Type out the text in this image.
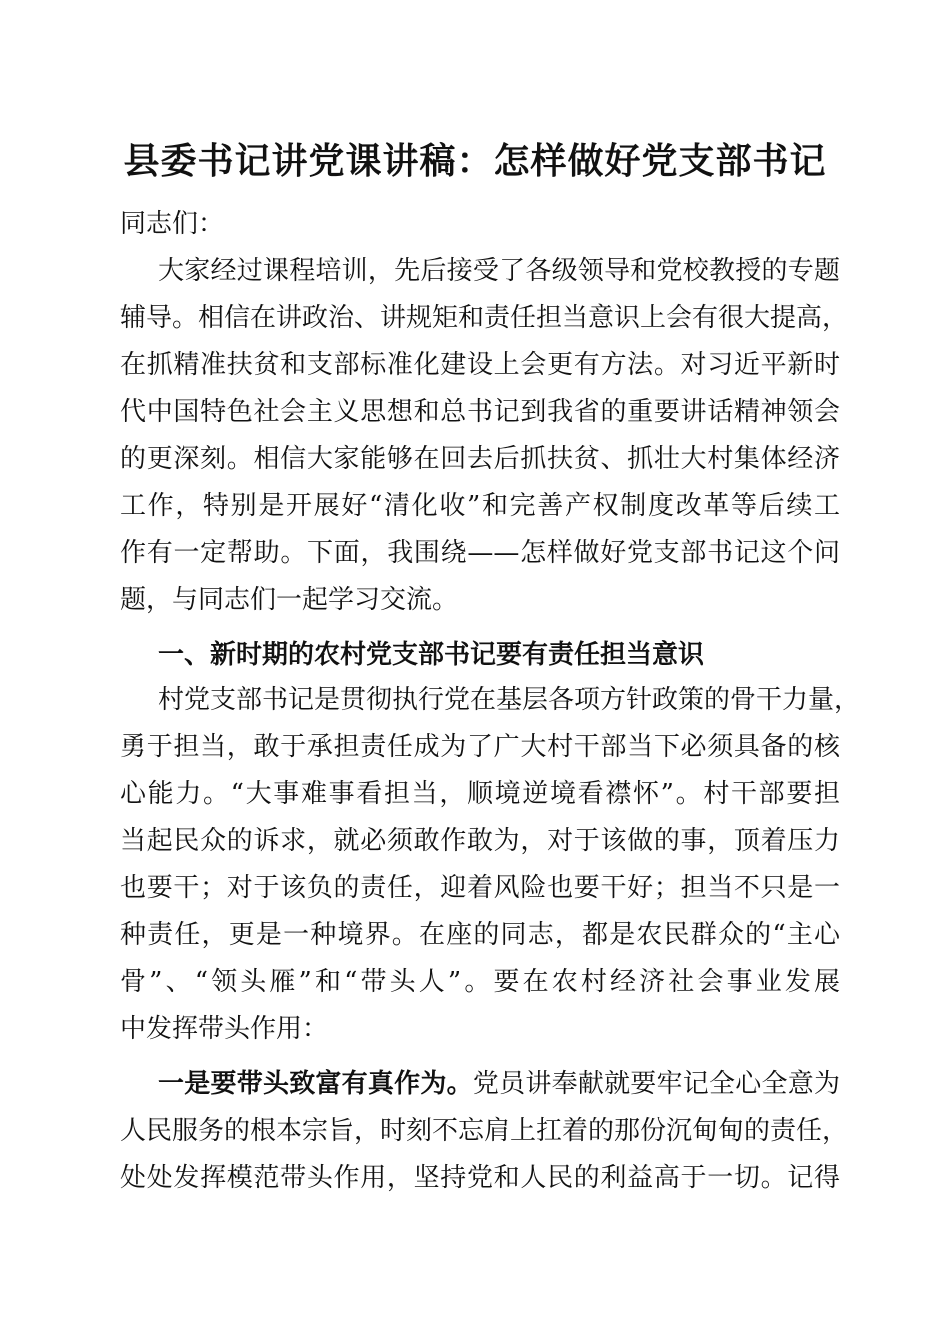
县委书记讲党课讲稿：怎样做好党支部书记
同志们：
大家经过课程培训，先后接受了各级领导和党校教授的专题
辅导。相信在讲政治、讲规矩和责任担当意识上会有很大提高，
在抓精准扶贫和支部标准化建设上会更有方法。对习近平新时
代中国特色社会主义思想和总书记到我省的重要讲话精神领会
的更深刻。相信大家能够在回去后抓扶贫、抓壮大村集体经济
工作，特别是开展好“清化收”和完善产权制度改革等后续工
作有一定帮助。下面，我围绕——怎样做好党支部书记这个问
题，与同志们一起学习交流。
一、新时期的农村党支部书记要有责任担当意识
村党支部书记是贯彻执行党在基层各项方针政策的骨干力量，
勇于担当，敢于承担责任成为了广大村干部当下必须具备的核
心能力。“大事难事看担当，顺境逆境看襟怀”。村干部要担
当起民众的诉求，就必须敢作敢为，对于该做的事，顶着压力
也要干；对于该负的责任，迎着风险也要干好；担当不只是一
种责任，更是一种境界。在座的同志，都是农民群众的“主心
骨”、“领头雁”和“带头人”。要在农村经济社会事业发展
中发挥带头作用：
一是要带头致富有真作为。党员讲奉献就要牢记全心全意为
人民服务的根本宗旨，时刻不忘肩上扛着的那份沉甸甸的责任，
处处发挥模范带头作用，坚持党和人民的利益高于一切。记得
